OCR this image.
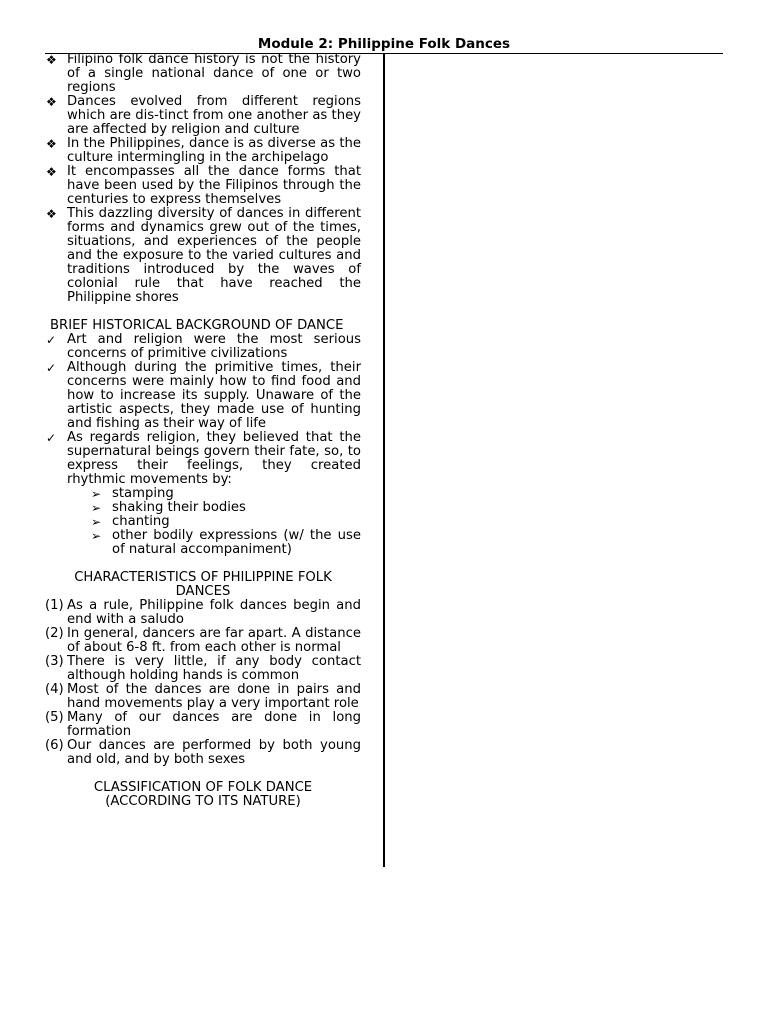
Module 2: Philippine Folk Dances
❖ Filipino folk dance history is not the history of a single national dance of one or two regions
❖ Dances evolved from different regions which are dis-tinct from one another as they are affected by religion and culture
❖ In the Philippines, dance is as diverse as the culture intermingling in the archipelago
❖ It encompasses all the dance forms that have been used by the Filipinos through the centuries to express themselves
❖ This dazzling diversity of dances in different forms and dynamics grew out of the times, situations, and experiences of the people and the exposure to the varied cultures and traditions introduced by the waves of colonial rule that have reached the Philippine shores
BRIEF HISTORICAL BACKGROUND OF DANCE
✓ Art and religion were the most serious concerns of primitive civilizations
✓ Although during the primitive times, their concerns were mainly how to find food and how to increase its supply. Unaware of the artistic aspects, they made use of hunting and fishing as their way of life
✓ As regards religion, they believed that the supernatural beings govern their fate, so, to express their feelings, they created rhythmic movements by:
➢ stamping
➢ shaking their bodies
➢ chanting
➢ other bodily expressions (w/ the use of natural accompaniment)
CHARACTERISTICS OF PHILIPPINE FOLK
DANCES
(1) As a rule, Philippine folk dances begin and end with a saludo
(2) In general, dancers are far apart. A distance of about 6-8 ft. from each other is normal
(3) There is very little, if any body contact although holding hands is common
(4) Most of the dances are done in pairs and hand movements play a very important role
(5) Many of our dances are done in long formation
(6) Our dances are performed by both young and old, and by both sexes
CLASSIFICATION OF FOLK DANCE
(ACCORDING TO ITS NATURE)
